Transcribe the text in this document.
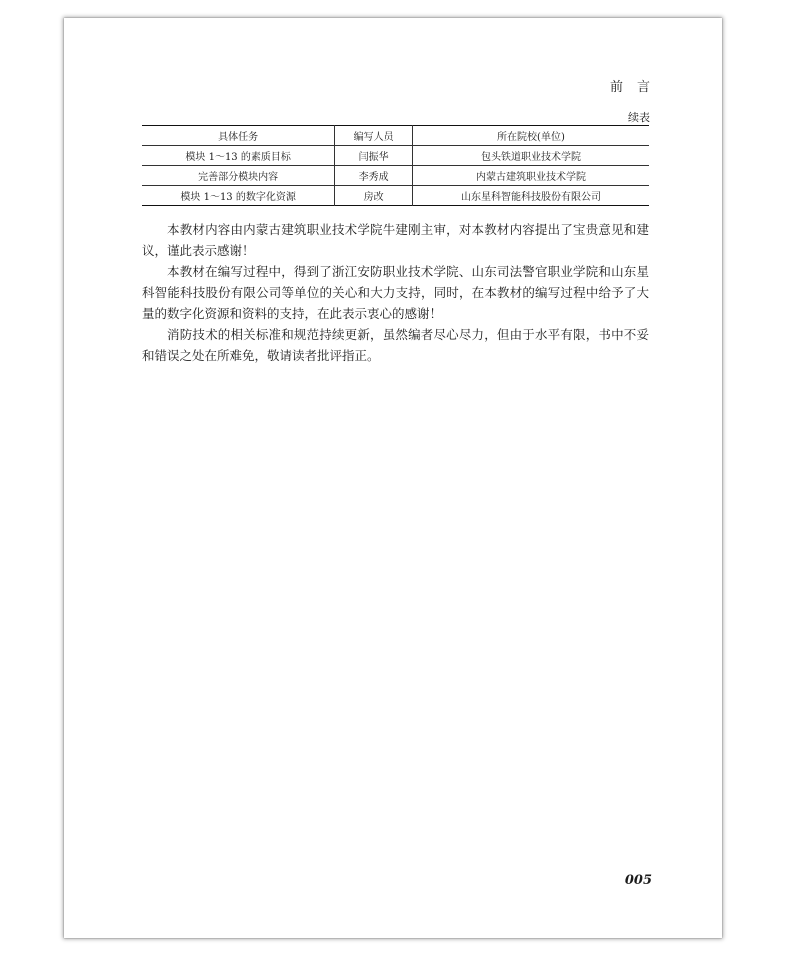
前言
续表
具体任务	编写人员	所在院校(单位)
模块 1～13 的素质目标	闫振华	包头铁道职业技术学院
完善部分模块内容	李秀成	内蒙古建筑职业技术学院
模块 1～13 的数字化资源	房改	山东星科智能科技股份有限公司

本教材内容由内蒙古建筑职业技术学院牛建刚主审，对本教材内容提出了宝贵意见和建议，谨此表示感谢！

本教材在编写过程中，得到了浙江安防职业技术学院、山东司法警官职业学院和山东星科智能科技股份有限公司等单位的关心和大力支持，同时，在本教材的编写过程中给予了大量的数字化资源和资料的支持，在此表示衷心的感谢！

消防技术的相关标准和规范持续更新，虽然编者尽心尽力，但由于水平有限，书中不妥和错误之处在所难免，敬请读者批评指正。

005
